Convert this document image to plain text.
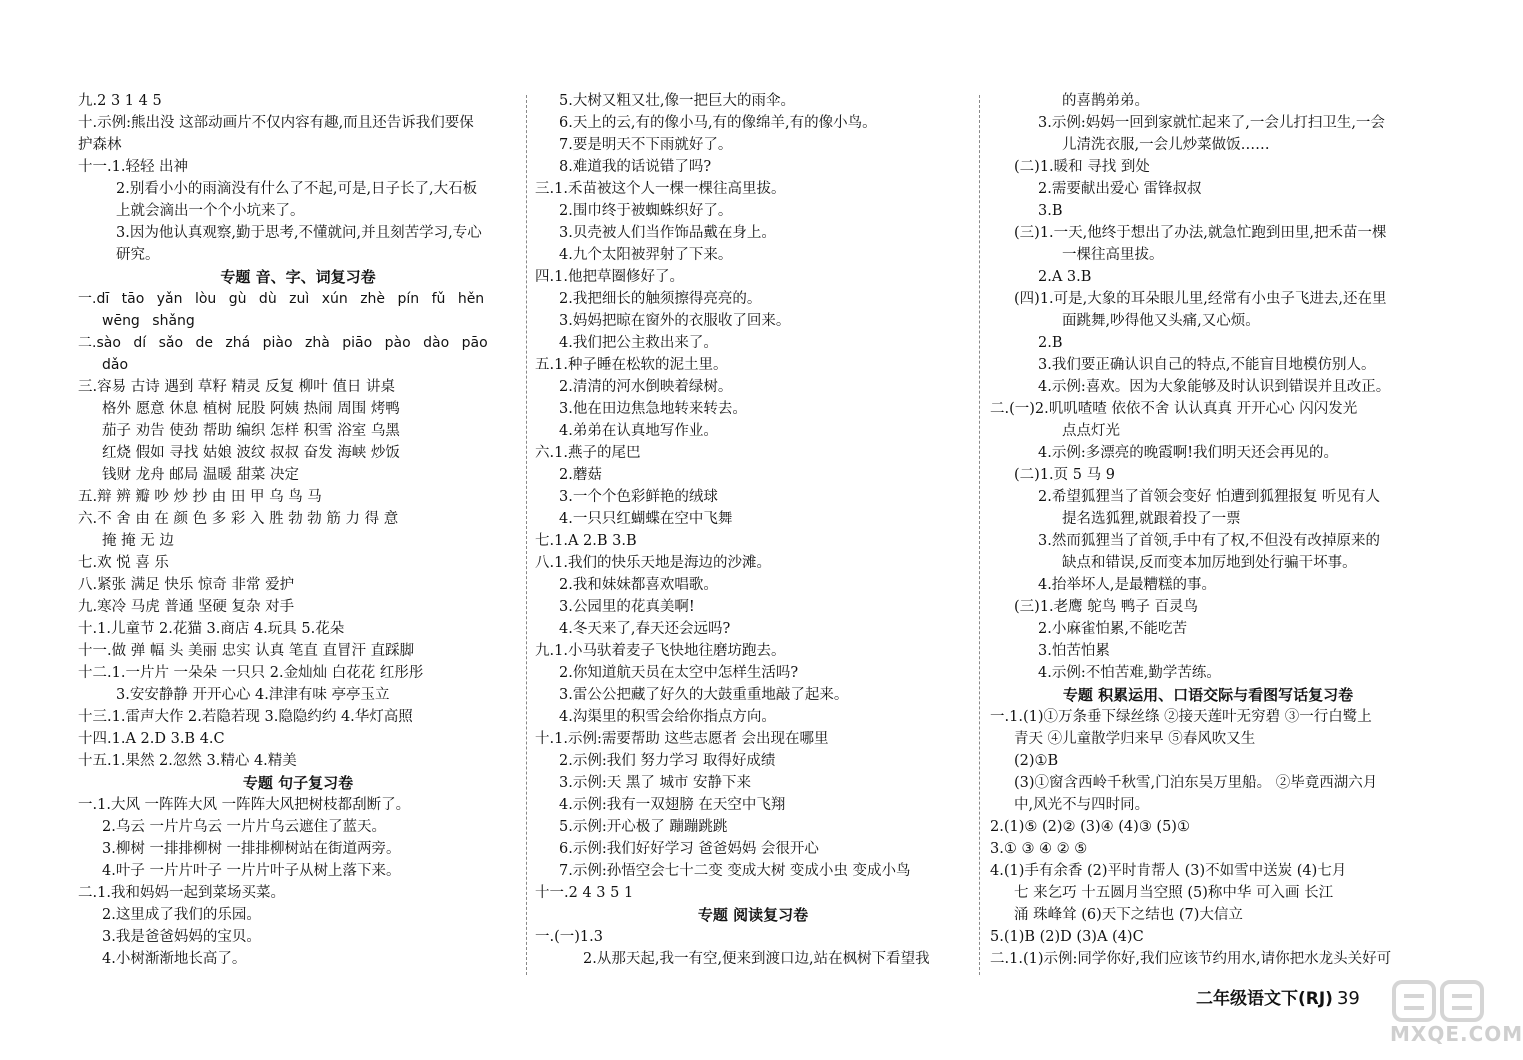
九.2 3 1 4 5
十.示例:熊出没 这部动画片不仅内容有趣,而且还告诉我们要保
护森林
十一.1.轻轻 出神
2.别看小小的雨滴没有什么了不起,可是,日子长了,大石板
上就会滴出一个个小坑来了。
3.因为他认真观察,勤于思考,不懂就问,并且刻苦学习,专心
研究。
专题 音、字、词复习卷
一.dī tāo yǎn lòu gù dù zuì xún zhè pín fǔ hěn
wēng shǎng
二.sào dí sǎo de zhá piào zhà piāo pào dào pāo
dǎo
三.容易 古诗 遇到 草籽 精灵 反复 柳叶 值日 讲桌
格外 愿意 休息 植树 屁股 阿姨 热闹 周围 烤鸭
茄子 劝告 使劲 帮助 编织 怎样 积雪 浴室 乌黑
红烧 假如 寻找 姑娘 波纹 叔叔 奋发 海峡 炒饭
钱财 龙舟 邮局 温暖 甜菜 决定
五.辩 辨 瓣 吵 炒 抄 由 田 甲 乌 鸟 马
六.不 舍 由 在 颜 色 多 彩 入 胜 勃 勃 筋 力 得 意
掩 掩 无 边
七.欢 悦 喜 乐
八.紧张 满足 快乐 惊奇 非常 爱护
九.寒冷 马虎 普通 坚硬 复杂 对手
十.1.儿童节 2.花猫 3.商店 4.玩具 5.花朵
十一.做 弹 幅 头 美丽 忠实 认真 笔直 直冒汗 直踩脚
十二.1.一片片 一朵朵 一只只 2.金灿灿 白花花 红彤彤
3.安安静静 开开心心 4.津津有味 亭亭玉立
十三.1.雷声大作 2.若隐若现 3.隐隐约约 4.华灯高照
十四.1.A 2.D 3.B 4.C
十五.1.果然 2.忽然 3.精心 4.精美
专题 句子复习卷
一.1.大风 一阵阵大风 一阵阵大风把树枝都刮断了。
2.乌云 一片片乌云 一片片乌云遮住了蓝天。
3.柳树 一排排柳树 一排排柳树站在街道两旁。
4.叶子 一片片叶子 一片片叶子从树上落下来。
二.1.我和妈妈一起到菜场买菜。
2.这里成了我们的乐园。
3.我是爸爸妈妈的宝贝。
4.小树渐渐地长高了。
5.大树又粗又壮,像一把巨大的雨伞。
6.天上的云,有的像小马,有的像绵羊,有的像小鸟。
7.要是明天不下雨就好了。
8.难道我的话说错了吗?
三.1.禾苗被这个人一棵一棵往高里拔。
2.围巾终于被蜘蛛织好了。
3.贝壳被人们当作饰品戴在身上。
4.九个太阳被羿射了下来。
四.1.他把草圈修好了。
2.我把细长的触须擦得亮亮的。
3.妈妈把晾在窗外的衣服收了回来。
4.我们把公主救出来了。
五.1.种子睡在松软的泥土里。
2.清清的河水倒映着绿树。
3.他在田边焦急地转来转去。
4.弟弟在认真地写作业。
六.1.燕子的尾巴
2.蘑菇
3.一个个色彩鲜艳的绒球
4.一只只红蝴蝶在空中飞舞
七.1.A 2.B 3.B
八.1.我们的快乐天地是海边的沙滩。
2.我和妹妹都喜欢唱歌。
3.公园里的花真美啊!
4.冬天来了,春天还会远吗?
九.1.小马驮着麦子飞快地往磨坊跑去。
2.你知道航天员在太空中怎样生活吗?
3.雷公公把藏了好久的大鼓重重地敲了起来。
4.沟渠里的积雪会给你指点方向。
十.1.示例:需要帮助 这些志愿者 会出现在哪里
2.示例:我们 努力学习 取得好成绩
3.示例:天 黑了 城市 安静下来
4.示例:我有一双翅膀 在天空中飞翔
5.示例:开心极了 蹦蹦跳跳
6.示例:我们好好学习 爸爸妈妈 会很开心
7.示例:孙悟空会七十二变 变成大树 变成小虫 变成小鸟
十一.2 4 3 5 1
专题 阅读复习卷
一.(一)1.3
2.从那天起,我一有空,便来到渡口边,站在枫树下看望我
的喜鹊弟弟。
3.示例:妈妈一回到家就忙起来了,一会儿打扫卫生,一会
儿清洗衣服,一会儿炒菜做饭……
(二)1.暖和 寻找 到处
2.需要献出爱心 雷锋叔叔
3.B
(三)1.一天,他终于想出了办法,就急忙跑到田里,把禾苗一棵
一棵往高里拔。
2.A 3.B
(四)1.可是,大象的耳朵眼儿里,经常有小虫子飞进去,还在里
面跳舞,吵得他又头痛,又心烦。
2.B
3.我们要正确认识自己的特点,不能盲目地模仿别人。
4.示例:喜欢。因为大象能够及时认识到错误并且改正。
二.(一)2.叽叽喳喳 依依不舍 认认真真 开开心心 闪闪发光
点点灯光
4.示例:多漂亮的晚霞啊!我们明天还会再见的。
(二)1.页 5 马 9
2.希望狐狸当了首领会变好 怕遭到狐狸报复 听见有人
提名选狐狸,就跟着投了一票
3.然而狐狸当了首领,手中有了权,不但没有改掉原来的
缺点和错误,反而变本加厉地到处行骗干坏事。
4.抬举坏人,是最糟糕的事。
(三)1.老鹰 鸵鸟 鸭子 百灵鸟
2.小麻雀怕累,不能吃苦
3.怕苦怕累
4.示例:不怕苦难,勤学苦练。
专题 积累运用、口语交际与看图写话复习卷
一.1.(1)①万条垂下绿丝绦 ②接天莲叶无穷碧 ③一行白鹭上
青天 ④儿童散学归来早 ⑤春风吹又生
(2)①B
(3)①窗含西岭千秋雪,门泊东吴万里船。 ②毕竟西湖六月
中,风光不与四时同。
2.(1)⑤ (2)② (3)④ (4)③ (5)①
3.① ③ ④ ② ⑤
4.(1)手有余香 (2)平时肯帮人 (3)不如雪中送炭 (4)七月
七 来乞巧 十五圆月当空照 (5)称中华 可入画 长江
涌 珠峰耸 (6)天下之结也 (7)大信立
5.(1)B (2)D (3)A (4)C
二.1.(1)示例:同学你好,我们应该节约用水,请你把水龙头关好可
二年级语文下(RJ) 39
MXQE.COM
